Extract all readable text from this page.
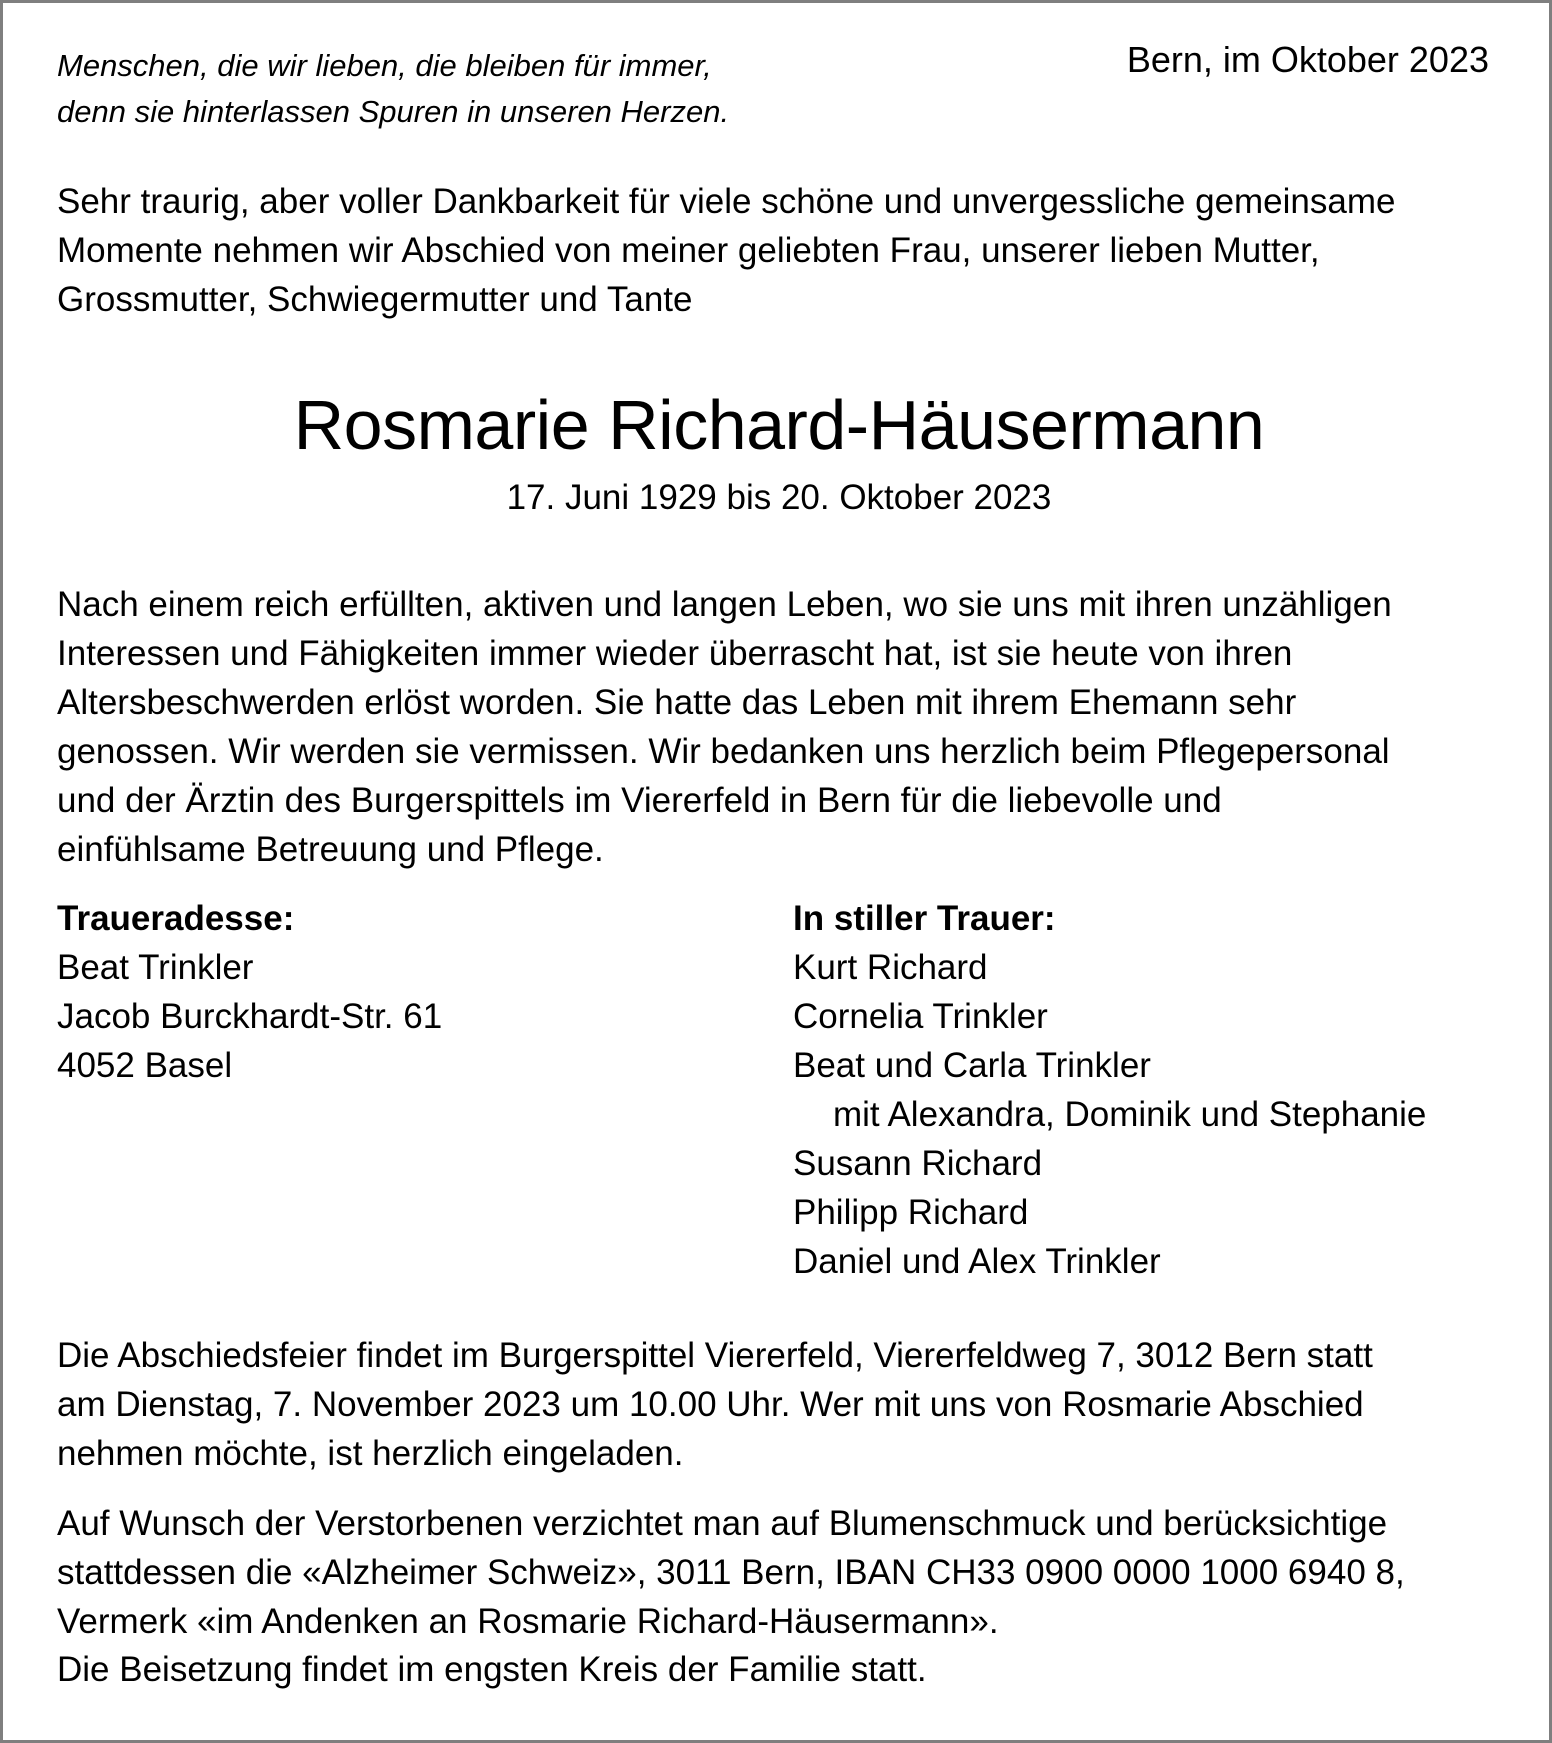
Menschen, die wir lieben, die bleiben für immer,
denn sie hinterlassen Spuren in unseren Herzen.
Bern, im Oktober 2023
Sehr traurig, aber voller Dankbarkeit für viele schöne und unvergessliche gemeinsame
Momente nehmen wir Abschied von meiner geliebten Frau, unserer lieben Mutter,
Grossmutter, Schwiegermutter und Tante
Rosmarie Richard-Häusermann
17. Juni 1929 bis 20. Oktober 2023
Nach einem reich erfüllten, aktiven und langen Leben, wo sie uns mit ihren unzähligen
Interessen und Fähigkeiten immer wieder überrascht hat, ist sie heute von ihren
Altersbeschwerden erlöst worden. Sie hatte das Leben mit ihrem Ehemann sehr
genossen. Wir werden sie vermissen. Wir bedanken uns herzlich beim Pflegepersonal
und der Ärztin des Burgerspittels im Viererfeld in Bern für die liebevolle und
einfühlsame Betreuung und Pflege.
Traueradesse:
Beat Trinkler
Jacob Burckhardt-Str. 61
4052 Basel
In stiller Trauer:
Kurt Richard
Cornelia Trinkler
Beat und Carla Trinkler
mit Alexandra, Dominik und Stephanie
Susann Richard
Philipp Richard
Daniel und Alex Trinkler
Die Abschiedsfeier findet im Burgerspittel Viererfeld, Viererfeldweg 7, 3012 Bern statt
am Dienstag, 7. November 2023 um 10.00 Uhr. Wer mit uns von Rosmarie Abschied
nehmen möchte, ist herzlich eingeladen.
Auf Wunsch der Verstorbenen verzichtet man auf Blumenschmuck und berücksichtige
stattdessen die «Alzheimer Schweiz», 3011 Bern, IBAN CH33 0900 0000 1000 6940 8,
Vermerk «im Andenken an Rosmarie Richard-Häusermann».
Die Beisetzung findet im engsten Kreis der Familie statt.
